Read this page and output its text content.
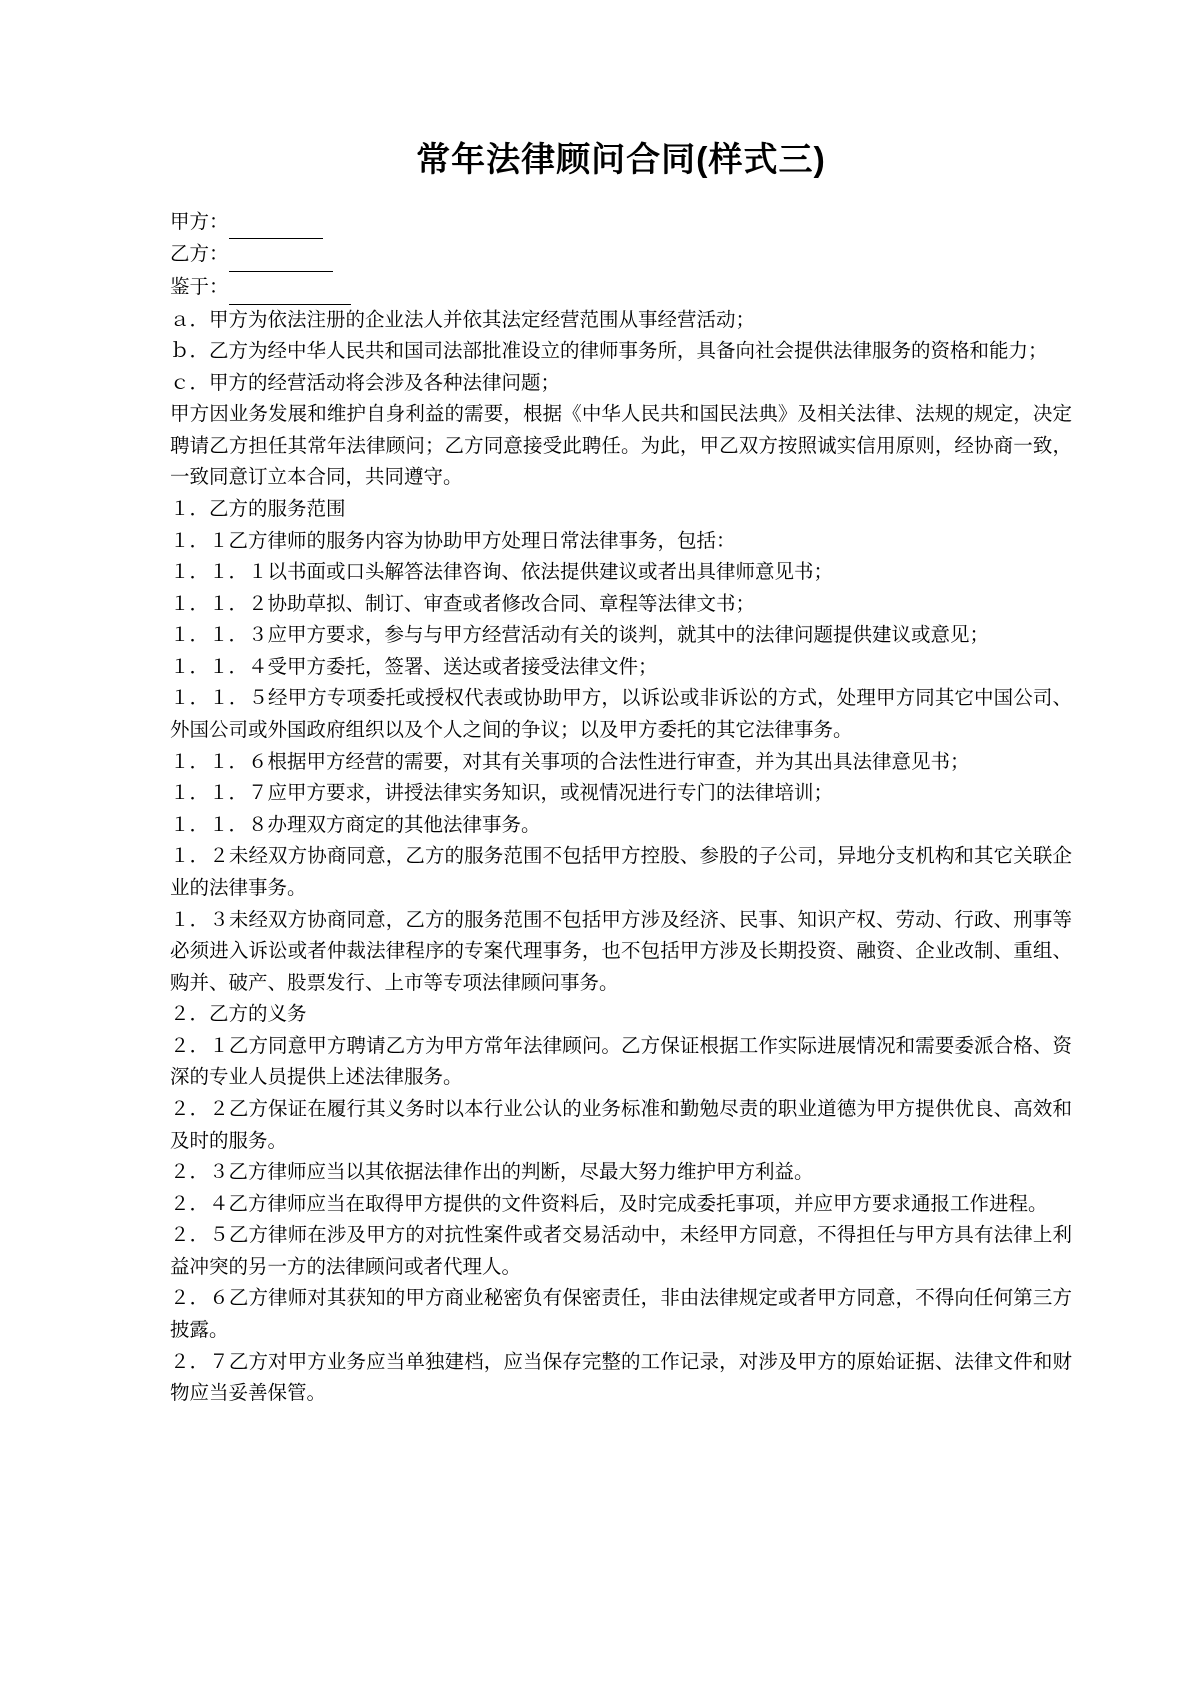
常年法律顾问合同(样式三)

甲方：

乙方：

鉴于：

ａ．甲方为依法注册的企业法人并依其法定经营范围从事经营活动；

ｂ．乙方为经中华人民共和国司法部批准设立的律师事务所，具备向社会提供法律服务的资格和能力；

ｃ．甲方的经营活动将会涉及各种法律问题；

甲方因业务发展和维护自身利益的需要，根据《中华人民共和国民法典》及相关法律、法规的规定，决定聘请乙方担任其常年法律顾问；乙方同意接受此聘任。为此，甲乙双方按照诚实信用原则，经协商一致，一致同意订立本合同，共同遵守。

１．乙方的服务范围

１．１乙方律师的服务内容为协助甲方处理日常法律事务，包括：

１．１．１以书面或口头解答法律咨询、依法提供建议或者出具律师意见书；

１．１．２协助草拟、制订、审查或者修改合同、章程等法律文书；

１．１．３应甲方要求，参与与甲方经营活动有关的谈判，就其中的法律问题提供建议或意见；

１．１．４受甲方委托，签署、送达或者接受法律文件；

１．１．５经甲方专项委托或授权代表或协助甲方，以诉讼或非诉讼的方式，处理甲方同其它中国公司、外国公司或外国政府组织以及个人之间的争议；以及甲方委托的其它法律事务。

１．１．６根据甲方经营的需要，对其有关事项的合法性进行审查，并为其出具法律意见书；

１．１．７应甲方要求，讲授法律实务知识，或视情况进行专门的法律培训；

１．１．８办理双方商定的其他法律事务。

１．２未经双方协商同意，乙方的服务范围不包括甲方控股、参股的子公司，异地分支机构和其它关联企业的法律事务。

１．３未经双方协商同意，乙方的服务范围不包括甲方涉及经济、民事、知识产权、劳动、行政、刑事等必须进入诉讼或者仲裁法律程序的专案代理事务，也不包括甲方涉及长期投资、融资、企业改制、重组、购并、破产、股票发行、上市等专项法律顾问事务。

２．乙方的义务

２．１乙方同意甲方聘请乙方为甲方常年法律顾问。乙方保证根据工作实际进展情况和需要委派合格、资深的专业人员提供上述法律服务。

２．２乙方保证在履行其义务时以本行业公认的业务标准和勤勉尽责的职业道德为甲方提供优良、高效和及时的服务。

２．３乙方律师应当以其依据法律作出的判断，尽最大努力维护甲方利益。

２．４乙方律师应当在取得甲方提供的文件资料后，及时完成委托事项，并应甲方要求通报工作进程。

２．５乙方律师在涉及甲方的对抗性案件或者交易活动中，未经甲方同意，不得担任与甲方具有法律上利益冲突的另一方的法律顾问或者代理人。

２．６乙方律师对其获知的甲方商业秘密负有保密责任，非由法律规定或者甲方同意，不得向任何第三方披露。

２．７乙方对甲方业务应当单独建档，应当保存完整的工作记录，对涉及甲方的原始证据、法律文件和财物应当妥善保管。
